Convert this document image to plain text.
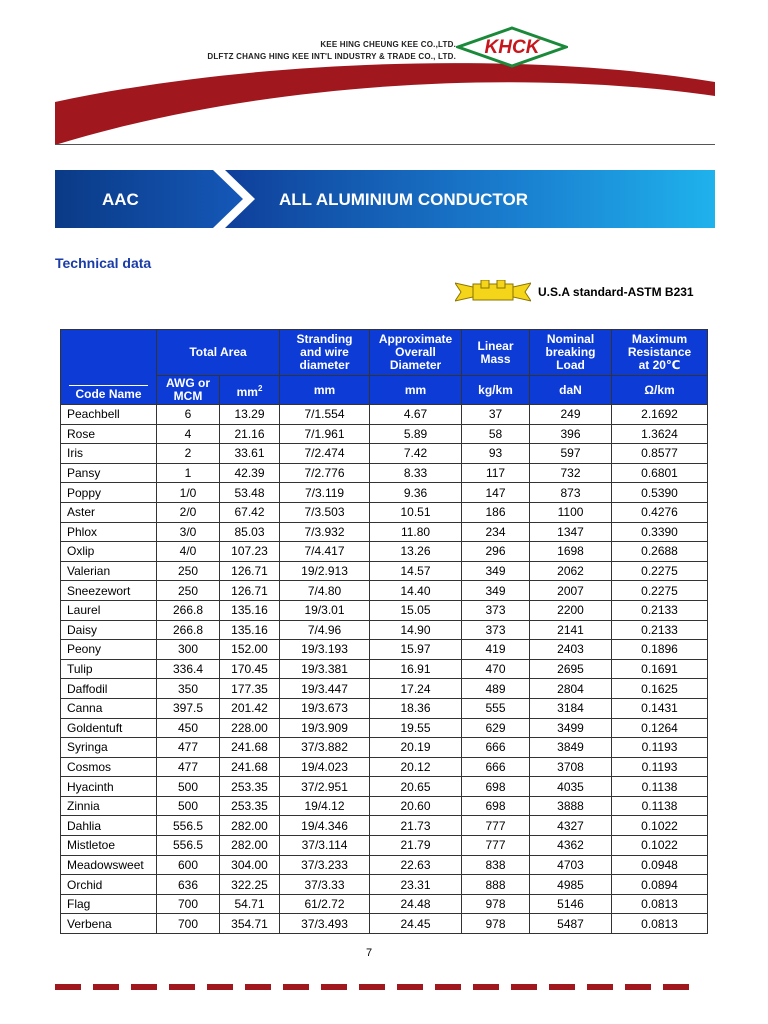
KEE HING CHEUNG KEE CO.,LTD.
DLFTZ CHANG HING KEE INT'L INDUSTRY & TRADE CO., LTD. KHCK
AAC	ALL ALUMINIUM CONDUCTOR
Technical data
U.S.A standard-ASTM B231
Code Name	Total Area		Stranding
and wire
diameter	Approximate
Overall
Diameter	Linear
Mass	Nominal
breaking
Load	Maximum
Resistance
at 20℃
	AWG or
MCM	$mm^2$	mm	mm	kg/km	daN	Ω/km
Peachbell	6	13.29	7/1.554	4.67	37	249	2.1692
Rose	4	21.16	7/1.961	5.89	58	396	1.3624
Iris	2	33.61	7/2.474	7.42	93	597	0.8577
Pansy	1	42.39	7/2.776	8.33	117	732	0.6801
Poppy	1/0	53.48	7/3.119	9.36	147	873	0.5390
Aster	2/0	67.42	7/3.503	10.51	186	1100	0.4276
Phlox	3/0	85.03	7/3.932	11.80	234	1347	0.3390
Oxlip	4/0	107.23	7/4.417	13.26	296	1698	0.2688
Valerian	250	126.71	19/2.913	14.57	349	2062	0.2275
Sneezewort	250	126.71	7/4.80	14.40	349	2007	0.2275
Laurel	266.8	135.16	19/3.01	15.05	373	2200	0.2133
Daisy	266.8	135.16	7/4.96	14.90	373	2141	0.2133
Peony	300	152.00	19/3.193	15.97	419	2403	0.1896
Tulip	336.4	170.45	19/3.381	16.91	470	2695	0.1691
Daffodil	350	177.35	19/3.447	17.24	489	2804	0.1625
Canna	397.5	201.42	19/3.673	18.36	555	3184	0.1431
Goldentuft	450	228.00	19/3.909	19.55	629	3499	0.1264
Syringa	477	241.68	37/3.882	20.19	666	3849	0.1193
Cosmos	477	241.68	19/4.023	20.12	666	3708	0.1193
Hyacinth	500	253.35	37/2.951	20.65	698	4035	0.1138
Zinnia	500	253.35	19/4.12	20.60	698	3888	0.1138
Dahlia	556.5	282.00	19/4.346	21.73	777	4327	0.1022
Mistletoe	556.5	282.00	37/3.114	21.79	777	4362	0.1022
Meadowsweet	600	304.00	37/3.233	22.63	838	4703	0.0948
Orchid	636	322.25	37/3.33	23.31	888	4985	0.0894
Flag	700	54.71	61/2.72	24.48	978	5146	0.0813
Verbena	700	354.71	37/3.493	24.45	978	5487	0.0813
7
